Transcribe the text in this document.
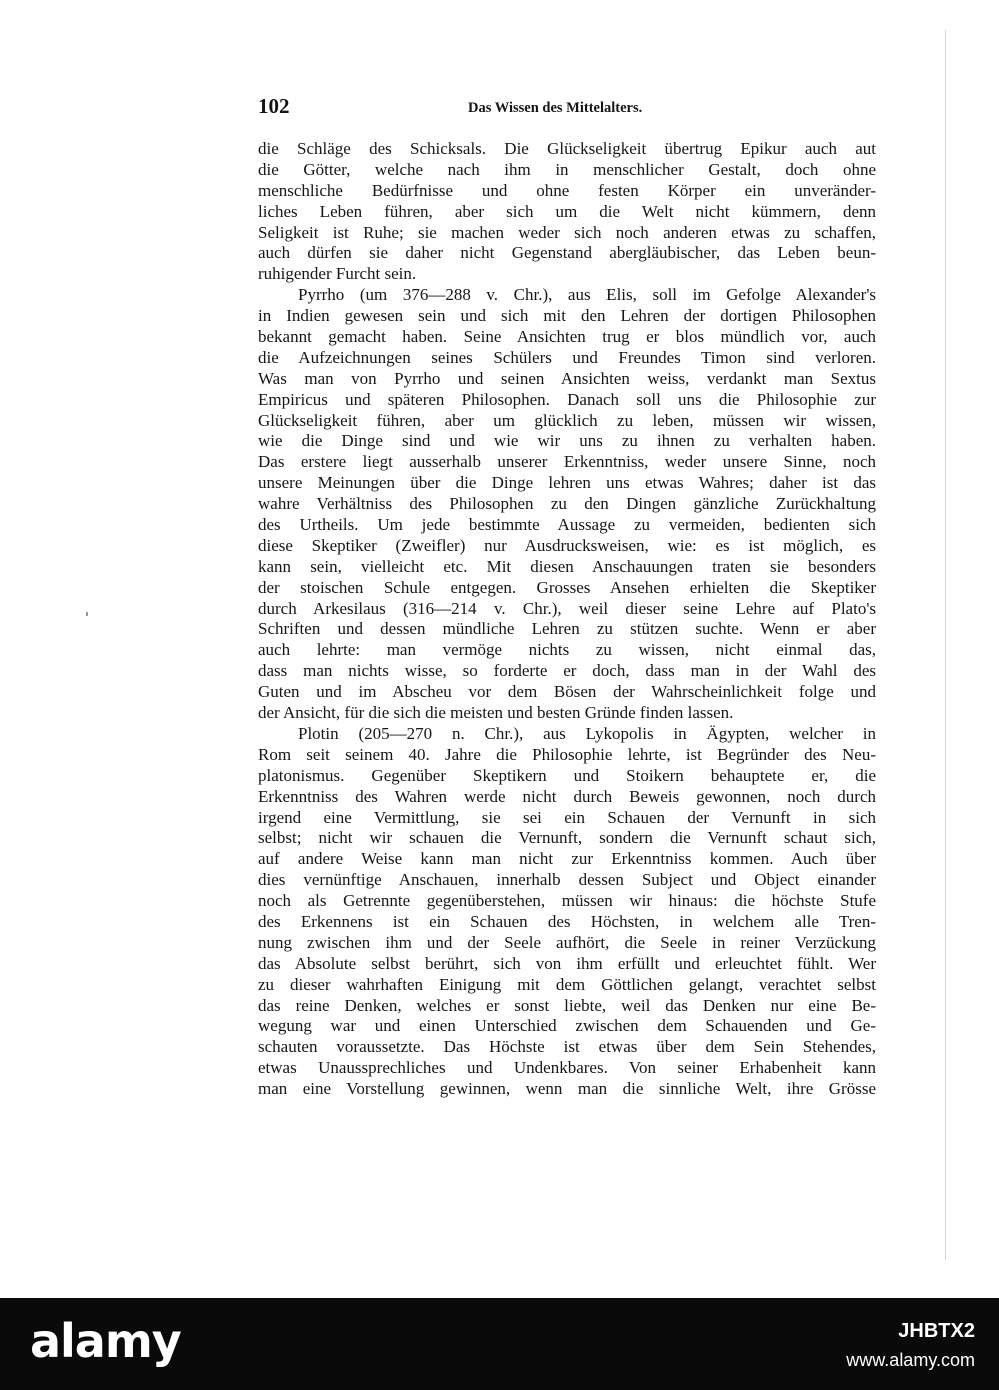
102	Das Wissen des Mittelalters.
die Schläge des Schicksals. Die Glückseligkeit übertrug Epikur auch aut
die Götter, welche nach ihm in menschlicher Gestalt, doch ohne
menschliche Bedürfnisse und ohne festen Körper ein unveränder-
liches Leben führen, aber sich um die Welt nicht kümmern, denn
Seligkeit ist Ruhe; sie machen weder sich noch anderen etwas zu schaffen,
auch dürfen sie daher nicht Gegenstand abergläubischer, das Leben beun-
ruhigender Furcht sein.
Pyrrho (um 376—288 v. Chr.), aus Elis, soll im Gefolge Alexander's
in Indien gewesen sein und sich mit den Lehren der dortigen Philosophen
bekannt gemacht haben. Seine Ansichten trug er blos mündlich vor, auch
die Aufzeichnungen seines Schülers und Freundes Timon sind verloren.
Was man von Pyrrho und seinen Ansichten weiss, verdankt man Sextus
Empiricus und späteren Philosophen. Danach soll uns die Philosophie zur
Glückseligkeit führen, aber um glücklich zu leben, müssen wir wissen,
wie die Dinge sind und wie wir uns zu ihnen zu verhalten haben.
Das erstere liegt ausserhalb unserer Erkenntniss, weder unsere Sinne, noch
unsere Meinungen über die Dinge lehren uns etwas Wahres; daher ist das
wahre Verhältniss des Philosophen zu den Dingen gänzliche Zurückhaltung
des Urtheils. Um jede bestimmte Aussage zu vermeiden, bedienten sich
diese Skeptiker (Zweifler) nur Ausdrucksweisen, wie: es ist möglich, es
kann sein, vielleicht etc. Mit diesen Anschauungen traten sie besonders
der stoischen Schule entgegen. Grosses Ansehen erhielten die Skeptiker
durch Arkesilaus (316—214 v. Chr.), weil dieser seine Lehre auf Plato's
Schriften und dessen mündliche Lehren zu stützen suchte. Wenn er aber
auch lehrte: man vermöge nichts zu wissen, nicht einmal das,
dass man nichts wisse, so forderte er doch, dass man in der Wahl des
Guten und im Abscheu vor dem Bösen der Wahrscheinlichkeit folge und
der Ansicht, für die sich die meisten und besten Gründe finden lassen.
Plotin (205—270 n. Chr.), aus Lykopolis in Ägypten, welcher in
Rom seit seinem 40. Jahre die Philosophie lehrte, ist Begründer des Neu-
platonismus. Gegenüber Skeptikern und Stoikern behauptete er, die
Erkenntniss des Wahren werde nicht durch Beweis gewonnen, noch durch
irgend eine Vermittlung, sie sei ein Schauen der Vernunft in sich
selbst; nicht wir schauen die Vernunft, sondern die Vernunft schaut sich,
auf andere Weise kann man nicht zur Erkenntniss kommen. Auch über
dies vernünftige Anschauen, innerhalb dessen Subject und Object einander
noch als Getrennte gegenüberstehen, müssen wir hinaus: die höchste Stufe
des Erkennens ist ein Schauen des Höchsten, in welchem alle Tren-
nung zwischen ihm und der Seele aufhört, die Seele in reiner Verzückung
das Absolute selbst berührt, sich von ihm erfüllt und erleuchtet fühlt. Wer
zu dieser wahrhaften Einigung mit dem Göttlichen gelangt, verachtet selbst
das reine Denken, welches er sonst liebte, weil das Denken nur eine Be-
wegung war und einen Unterschied zwischen dem Schauenden und Ge-
schauten voraussetzte. Das Höchste ist etwas über dem Sein Stehendes,
etwas Unaussprechliches und Undenkbares. Von seiner Erhabenheit kann
man eine Vorstellung gewinnen, wenn man die sinnliche Welt, ihre Grösse
alamy	JHBTX2
www.alamy.com
